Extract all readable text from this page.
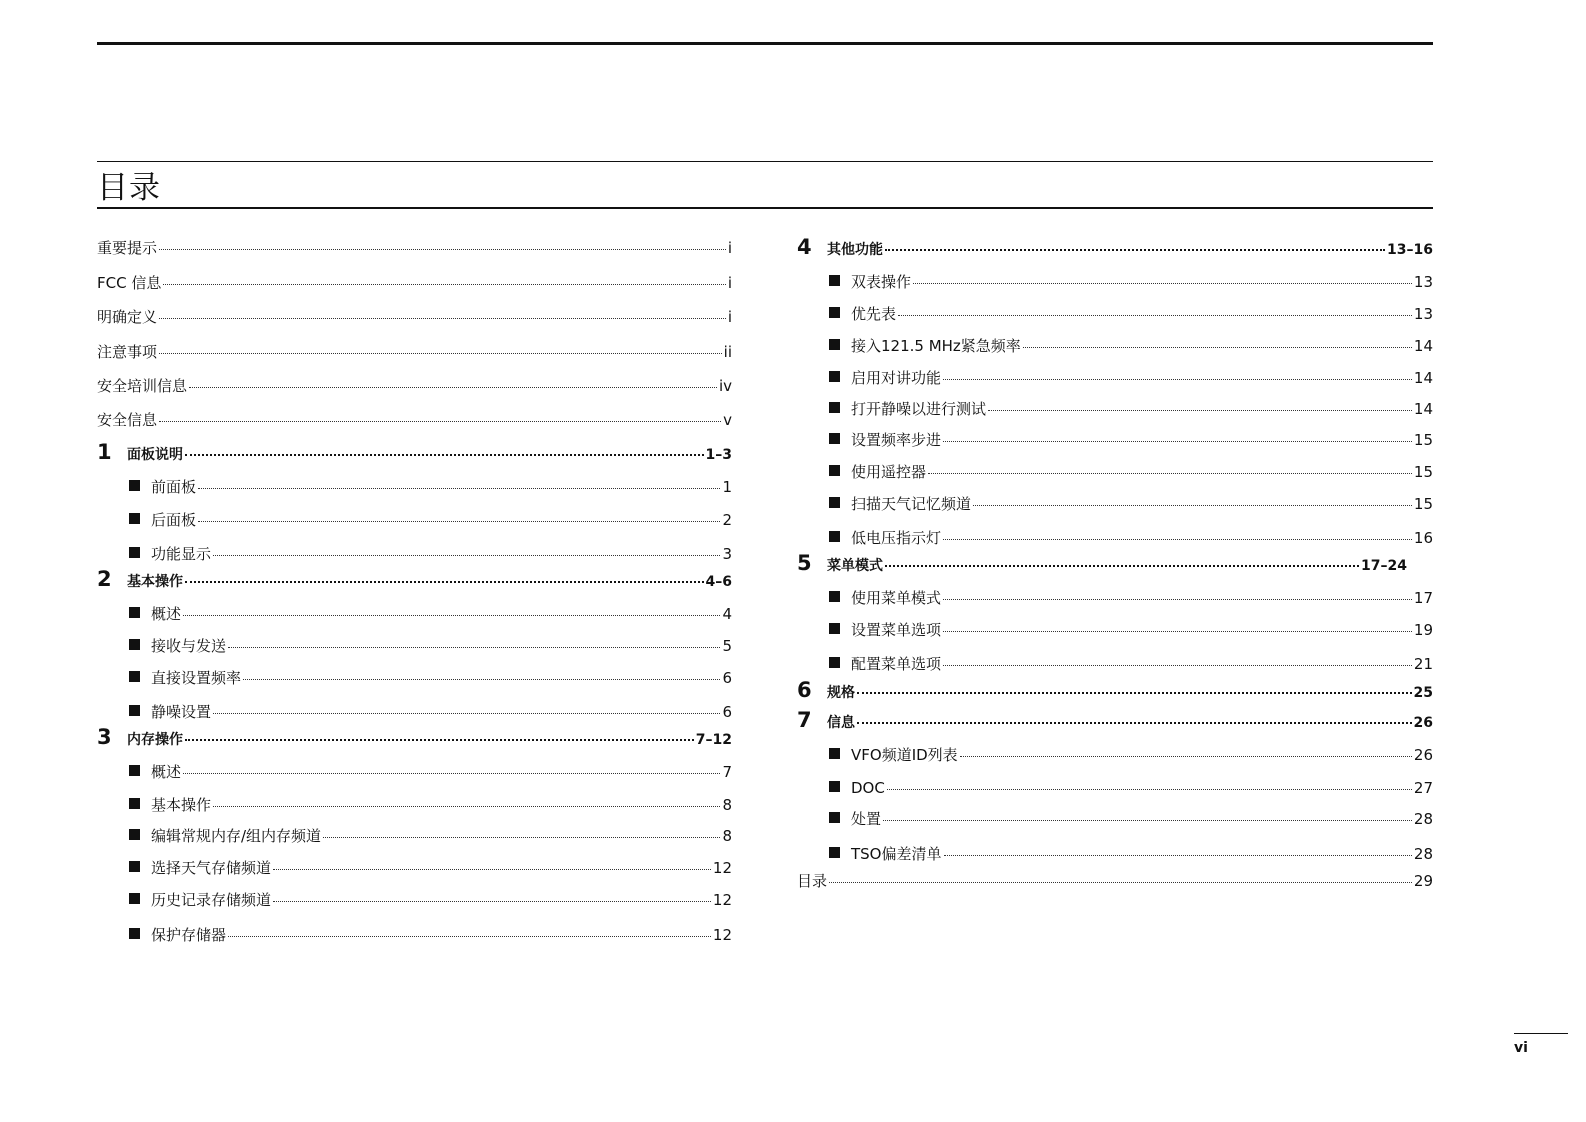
目录
重要提示	i
FCC 信息	i
明确定义	i
注意事项	ii
安全培训信息	iv
安全信息	v
1 面板说明	1–3
前面板	1
后面板	2
功能显示	3
2 基本操作	4–6
概述	4
接收与发送	5
直接设置频率	6
静噪设置	6
3 内存操作	7–12
概述	7
基本操作	8
编辑常规内存/组内存频道	8
选择天气存储频道	12
历史记录存储频道	12
保护存储器	12
4 其他功能	13–16
双表操作	13
优先表	13
接入121.5 MHz紧急频率	14
启用对讲功能	14
打开静噪以进行测试	14
设置频率步进	15
使用遥控器	15
扫描天气记忆频道	15
低电压指示灯	16
5 菜单模式	17–24
使用菜单模式	17
设置菜单选项	19
配置菜单选项	21
6 规格	25
7 信息	26
VFO频道ID列表	26
DOC	27
处置	28
TSO偏差清单	28
目录	29
vi
